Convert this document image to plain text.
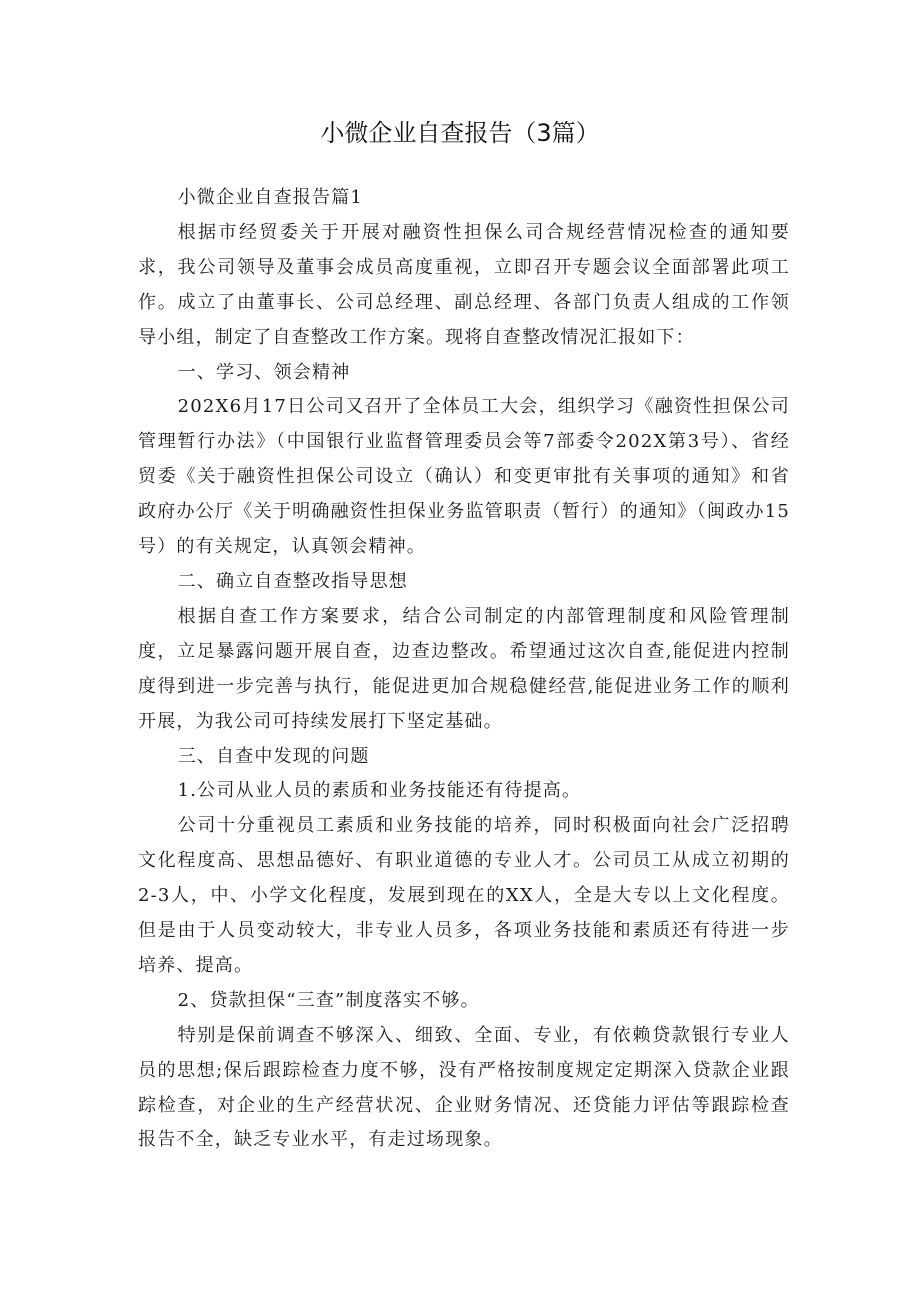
小微企业自查报告（3篇）

小微企业自查报告篇1

根据市经贸委关于开展对融资性担保么司合规经营情况检查的通知要求，我公司领导及董事会成员高度重视，立即召开专题会议全面部署此项工作。成立了由董事长、公司总经理、副总经理、各部门负责人组成的工作领导小组，制定了自查整改工作方案。现将自查整改情况汇报如下：

一、学习、领会精神

202X6月17日公司又召开了全体员工大会，组织学习《融资性担保公司管理暂行办法》（中国银行业监督管理委员会等7部委令202X第3号）、省经贸委《关于融资性担保公司设立（确认）和变更审批有关事项的通知》和省政府办公厅《关于明确融资性担保业务监管职责（暂行）的通知》（闽政办15号）的有关规定，认真领会精神。

二、确立自查整改指导思想

根据自查工作方案要求，结合公司制定的内部管理制度和风险管理制度，立足暴露问题开展自查，边查边整改。希望通过这次自查,能促进内控制度得到进一步完善与执行，能促进更加合规稳健经营,能促进业务工作的顺利开展，为我公司可持续发展打下坚定基础。

三、自查中发现的问题

1.公司从业人员的素质和业务技能还有待提高。

公司十分重视员工素质和业务技能的培养，同时积极面向社会广泛招聘文化程度高、思想品德好、有职业道德的专业人才。公司员工从成立初期的2-3人，中、小学文化程度，发展到现在的XX人，全是大专以上文化程度。但是由于人员变动较大，非专业人员多，各项业务技能和素质还有待进一步培养、提高。

2、贷款担保“三查”制度落实不够。

特别是保前调查不够深入、细致、全面、专业，有依赖贷款银行专业人员的思想;保后跟踪检查力度不够，没有严格按制度规定定期深入贷款企业跟踪检查，对企业的生产经营状况、企业财务情况、还贷能力评估等跟踪检查报告不全，缺乏专业水平，有走过场现象。
